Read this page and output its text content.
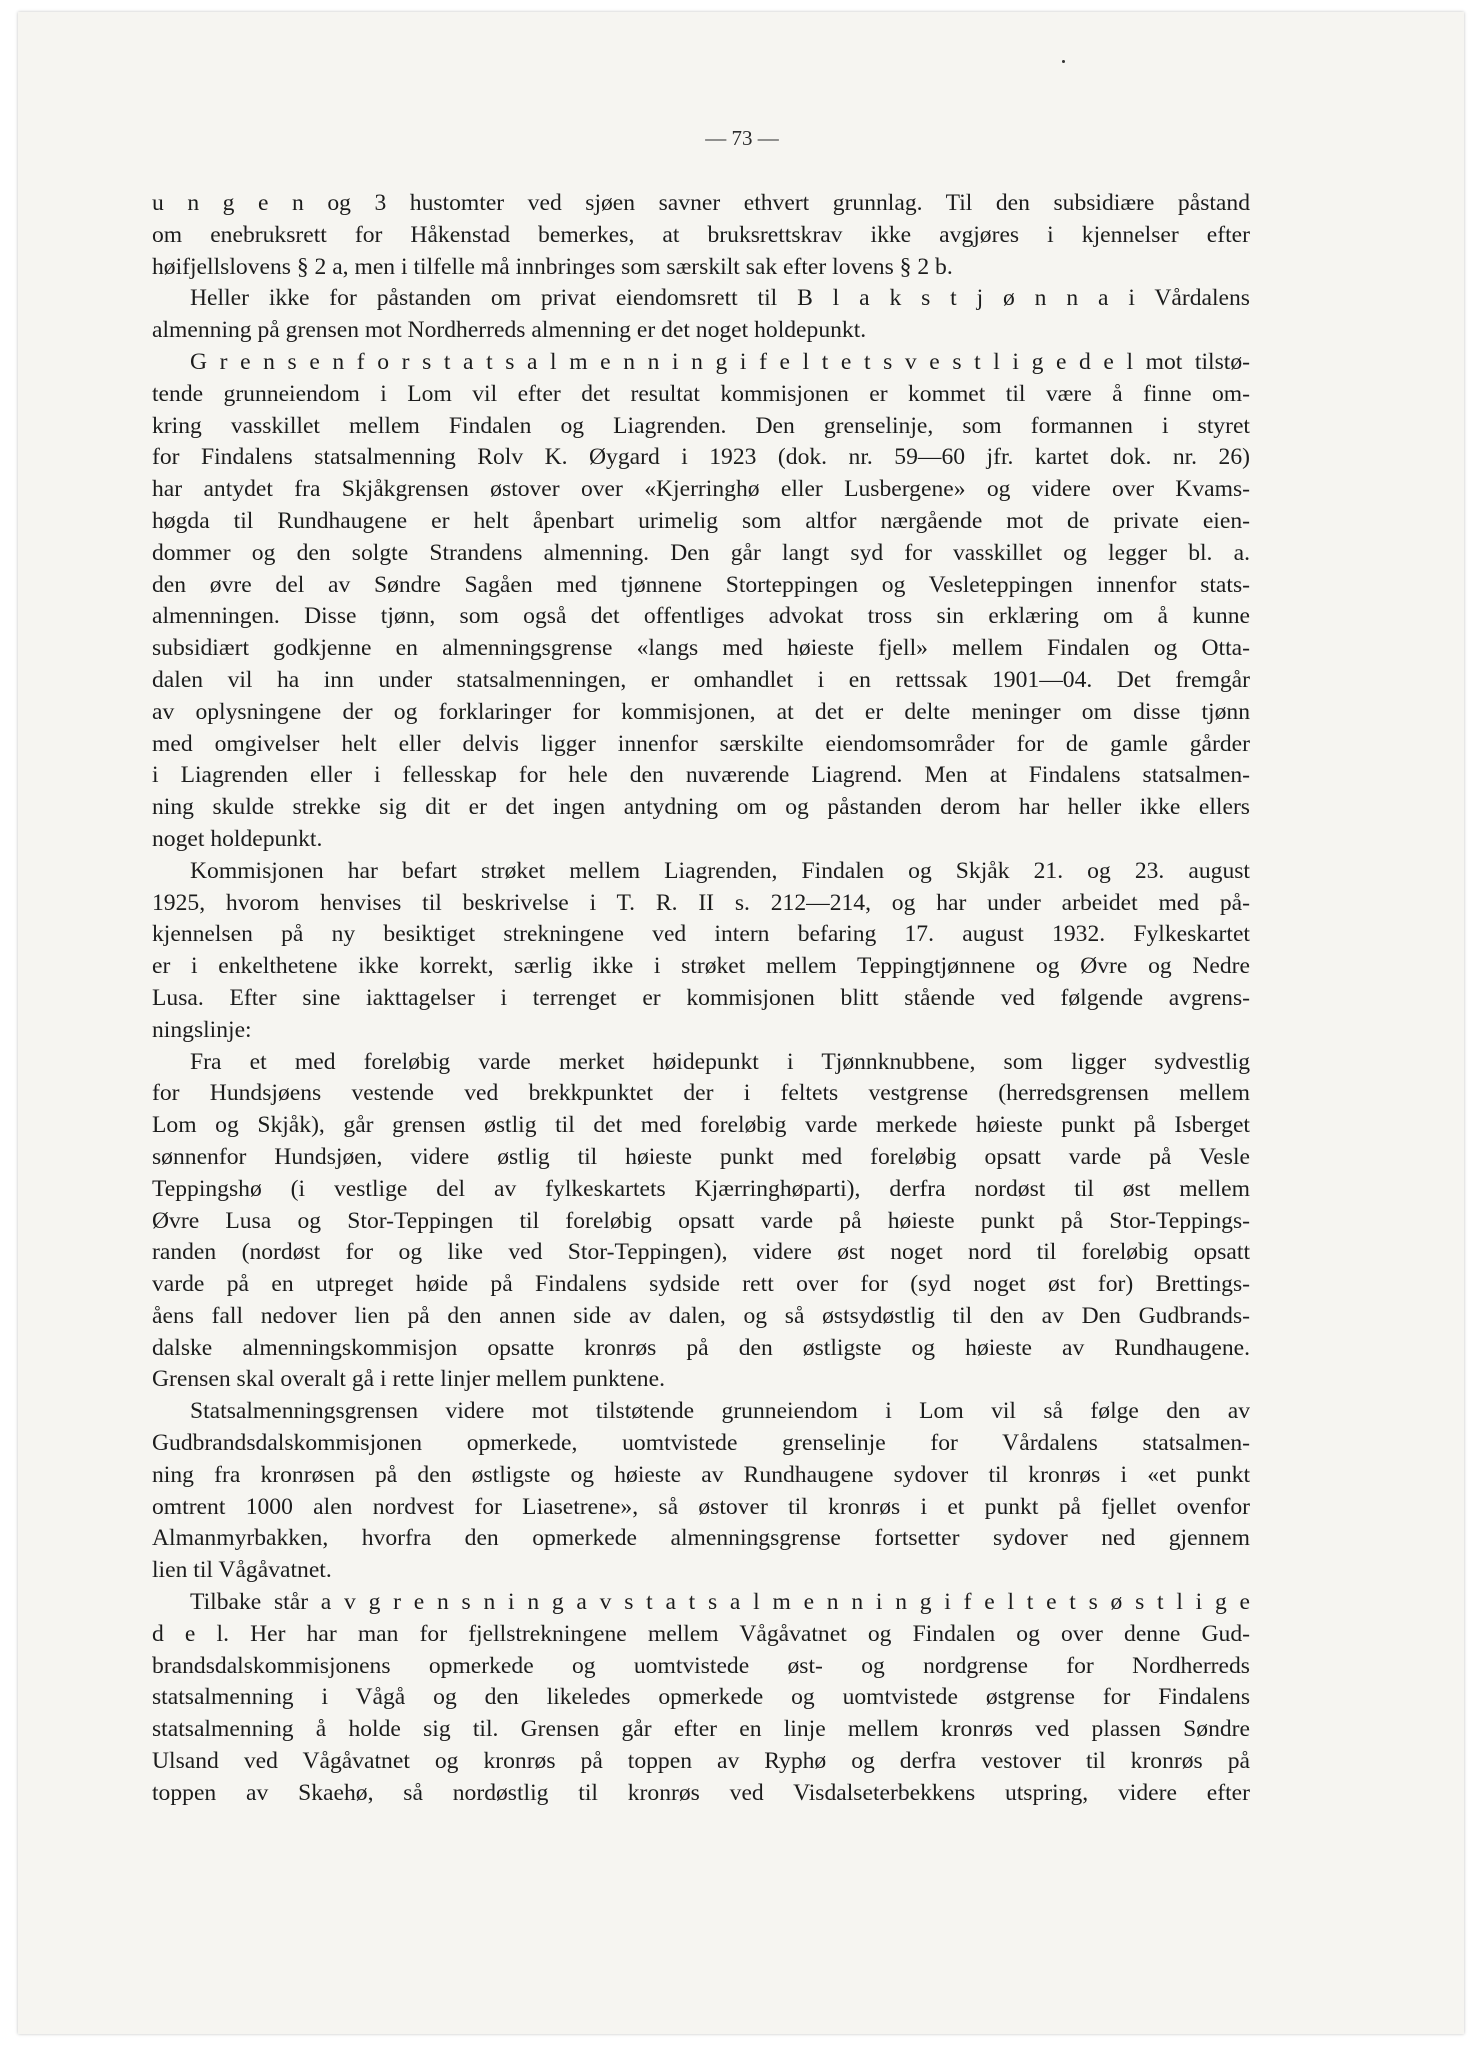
— 73 —
u n g e n og 3 hustomter ved sjøen savner ethvert grunnlag. Til den subsidiære påstand
om enebruksrett for Håkenstad bemerkes, at bruksrettskrav ikke avgjøres i kjennelser efter
høifjellslovens § 2 a, men i tilfelle må innbringes som særskilt sak efter lovens § 2 b.
Heller ikke for påstanden om privat eiendomsrett til B l a k s t j ø n n a i Vårdalens
almenning på grensen mot Nordherreds almenning er det noget holdepunkt.
G r e n s e n f o r s t a t s a l m e n n i n g i f e l t e t s v e s t l i g e d e l mot tilstø-
tende grunneiendom i Lom vil efter det resultat kommisjonen er kommet til være å finne om-
kring vasskillet mellem Findalen og Liagrenden. Den grenselinje, som formannen i styret
for Findalens statsalmenning Rolv K. Øygard i 1923 (dok. nr. 59—60 jfr. kartet dok. nr. 26)
har antydet fra Skjåkgrensen østover over «Kjerringhø eller Lusbergene» og videre over Kvams-
høgda til Rundhaugene er helt åpenbart urimelig som altfor nærgående mot de private eien-
dommer og den solgte Strandens almenning. Den går langt syd for vasskillet og legger bl. a.
den øvre del av Søndre Sagåen med tjønnene Storteppingen og Vesleteppingen innenfor stats-
almenningen. Disse tjønn, som også det offentliges advokat tross sin erklæring om å kunne
subsidiært godkjenne en almenningsgrense «langs med høieste fjell» mellem Findalen og Otta-
dalen vil ha inn under statsalmenningen, er omhandlet i en rettssak 1901—04. Det fremgår
av oplysningene der og forklaringer for kommisjonen, at det er delte meninger om disse tjønn
med omgivelser helt eller delvis ligger innenfor særskilte eiendomsområder for de gamle gårder
i Liagrenden eller i fellesskap for hele den nuværende Liagrend. Men at Findalens statsalmen-
ning skulde strekke sig dit er det ingen antydning om og påstanden derom har heller ikke ellers
noget holdepunkt.
Kommisjonen har befart strøket mellem Liagrenden, Findalen og Skjåk 21. og 23. august
1925, hvorom henvises til beskrivelse i T. R. II s. 212—214, og har under arbeidet med på-
kjennelsen på ny besiktiget strekningene ved intern befaring 17. august 1932. Fylkeskartet
er i enkelthetene ikke korrekt, særlig ikke i strøket mellem Teppingtjønnene og Øvre og Nedre
Lusa. Efter sine iakttagelser i terrenget er kommisjonen blitt stående ved følgende avgrens-
ningslinje:
Fra et med foreløbig varde merket høidepunkt i Tjønnknubbene, som ligger sydvestlig
for Hundsjøens vestende ved brekkpunktet der i feltets vestgrense (herredsgrensen mellem
Lom og Skjåk), går grensen østlig til det med foreløbig varde merkede høieste punkt på Isberget
sønnenfor Hundsjøen, videre østlig til høieste punkt med foreløbig opsatt varde på Vesle
Teppingshø (i vestlige del av fylkeskartets Kjærringhøparti), derfra nordøst til øst mellem
Øvre Lusa og Stor-Teppingen til foreløbig opsatt varde på høieste punkt på Stor-Teppings-
randen (nordøst for og like ved Stor-Teppingen), videre øst noget nord til foreløbig opsatt
varde på en utpreget høide på Findalens sydside rett over for (syd noget øst for) Brettings-
åens fall nedover lien på den annen side av dalen, og så østsydøstlig til den av Den Gudbrands-
dalske almenningskommisjon opsatte kronrøs på den østligste og høieste av Rundhaugene.
Grensen skal overalt gå i rette linjer mellem punktene.
Statsalmenningsgrensen videre mot tilstøtende grunneiendom i Lom vil så følge den av
Gudbrandsdalskommisjonen opmerkede, uomtvistede grenselinje for Vårdalens statsalmen-
ning fra kronrøsen på den østligste og høieste av Rundhaugene sydover til kronrøs i «et punkt
omtrent 1000 alen nordvest for Liasetrene», så østover til kronrøs i et punkt på fjellet ovenfor
Almanmyrbakken, hvorfra den opmerkede almenningsgrense fortsetter sydover ned gjennem
lien til Vågåvatnet.
Tilbake står a v g r e n s n i n g a v s t a t s a l m e n n i n g i f e l t e t s ø s t l i g e
d e l. Her har man for fjellstrekningene mellem Vågåvatnet og Findalen og over denne Gud-
brandsdalskommisjonens opmerkede og uomtvistede øst- og nordgrense for Nordherreds
statsalmenning i Vågå og den likeledes opmerkede og uomtvistede østgrense for Findalens
statsalmenning å holde sig til. Grensen går efter en linje mellem kronrøs ved plassen Søndre
Ulsand ved Vågåvatnet og kronrøs på toppen av Ryphø og derfra vestover til kronrøs på
toppen av Skaehø, så nordøstlig til kronrøs ved Visdalseterbekkens utspring, videre efter
